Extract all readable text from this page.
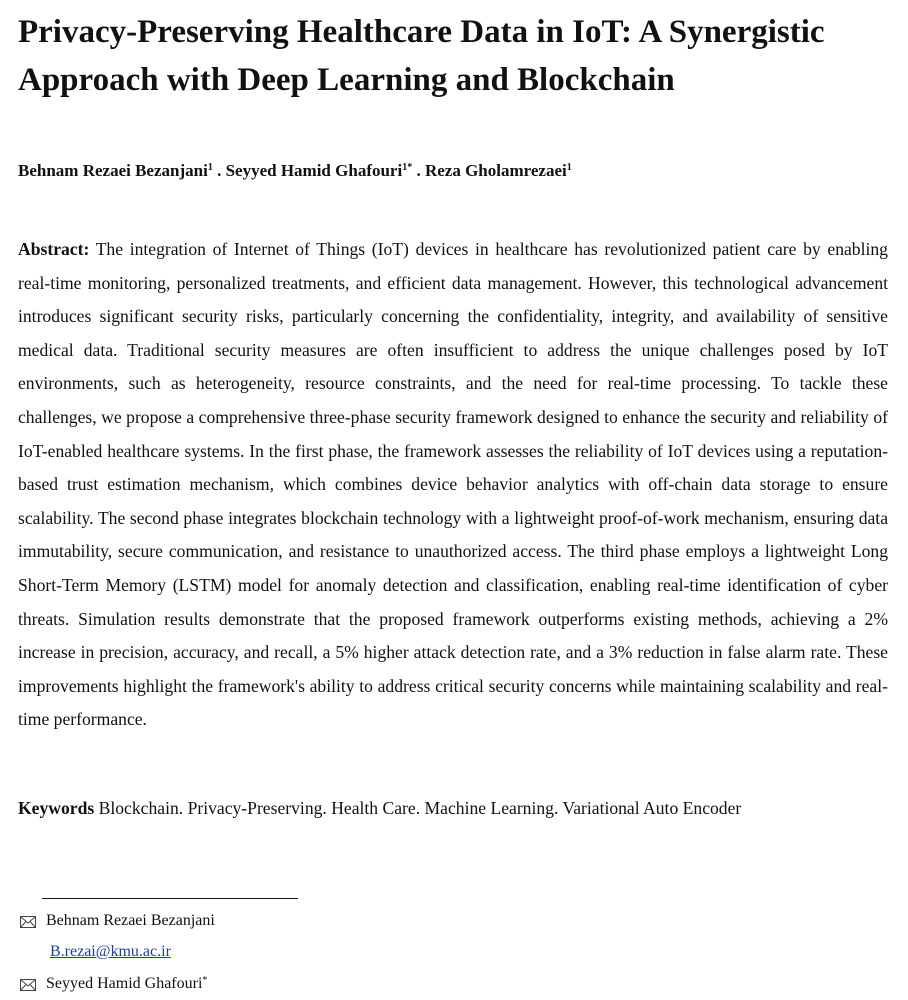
Privacy-Preserving Healthcare Data in IoT: A Synergistic Approach with Deep Learning and Blockchain
Behnam Rezaei Bezanjani$^1$ . Seyyed Hamid Ghafouri$^{1*}$ . Reza Gholamrezaei$^1$

Abstract: The integration of Internet of Things (IoT) devices in healthcare has revolutionized patient care by enabling real-time monitoring, personalized treatments, and efficient data management. However, this technological advancement introduces significant security risks, particularly concerning the confidentiality, integrity, and availability of sensitive medical data. Traditional security measures are often insufficient to address the unique challenges posed by IoT environments, such as heterogeneity, resource constraints, and the need for real-time processing. To tackle these challenges, we propose a comprehensive three-phase security framework designed to enhance the security and reliability of IoT-enabled healthcare systems. In the first phase, the framework assesses the reliability of IoT devices using a reputation-based trust estimation mechanism, which combines device behavior analytics with off-chain data storage to ensure scalability. The second phase integrates blockchain technology with a lightweight proof-of-work mechanism, ensuring data immutability, secure communication, and resistance to unauthorized access. The third phase employs a lightweight Long Short-Term Memory (LSTM) model for anomaly detection and classification, enabling real-time identification of cyber threats. Simulation results demonstrate that the proposed framework outperforms existing methods, achieving a 2% increase in precision, accuracy, and recall, a 5% higher attack detection rate, and a 3% reduction in false alarm rate. These improvements highlight the framework's ability to address critical security concerns while maintaining scalability and real-time performance.

Keywords Blockchain. Privacy-Preserving. Health Care. Machine Learning. Variational Auto Encoder
Behnam Rezaei Bezanjani
B.rezai@kmu.ac.ir
Seyyed Hamid Ghafouri*
